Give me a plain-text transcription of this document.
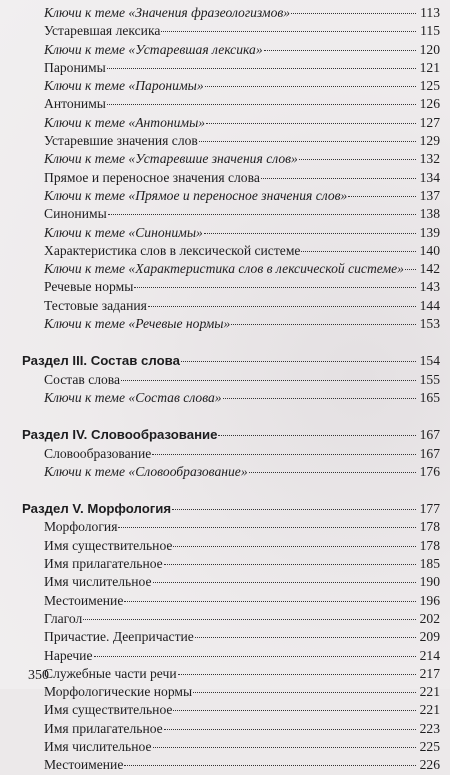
Ключи к теме «Значения фразеологизмов»	113
Устаревшая лексика	115
Ключи к теме «Устаревшая лексика»	120
Паронимы	121
Ключи к теме «Паронимы»	125
Антонимы	126
Ключи к теме «Антонимы»	127
Устаревшие значения слов	129
Ключи к теме «Устаревшие значения слов»	132
Прямое и переносное значения слова	134
Ключи к теме «Прямое и переносное значения слов»	137
Синонимы	138
Ключи к теме «Синонимы»	139
Характеристика слов в лексической системе	140
Ключи к теме «Характеристика слов в лексической системе» 142
Речевые нормы	143
Тестовые задания	144
Ключи к теме «Речевые нормы»	153
Раздел III. Состав слова	154
Состав слова	155
Ключи к теме «Состав слова»	165
Раздел IV. Словообразование	167
Словообразование	167
Ключи к теме «Словообразование»	176
Раздел V. Морфология	177
Морфология	178
Имя существительное	178
Имя прилагательное	185
Имя числительное	190
Местоимение	196
Глагол	202
Причастие. Деепричастие	209
Наречие	214
Служебные части речи	217
Морфологические нормы	221
Имя существительное	221
Имя прилагательное	223
Имя числительное	225
Местоимение	226
350
